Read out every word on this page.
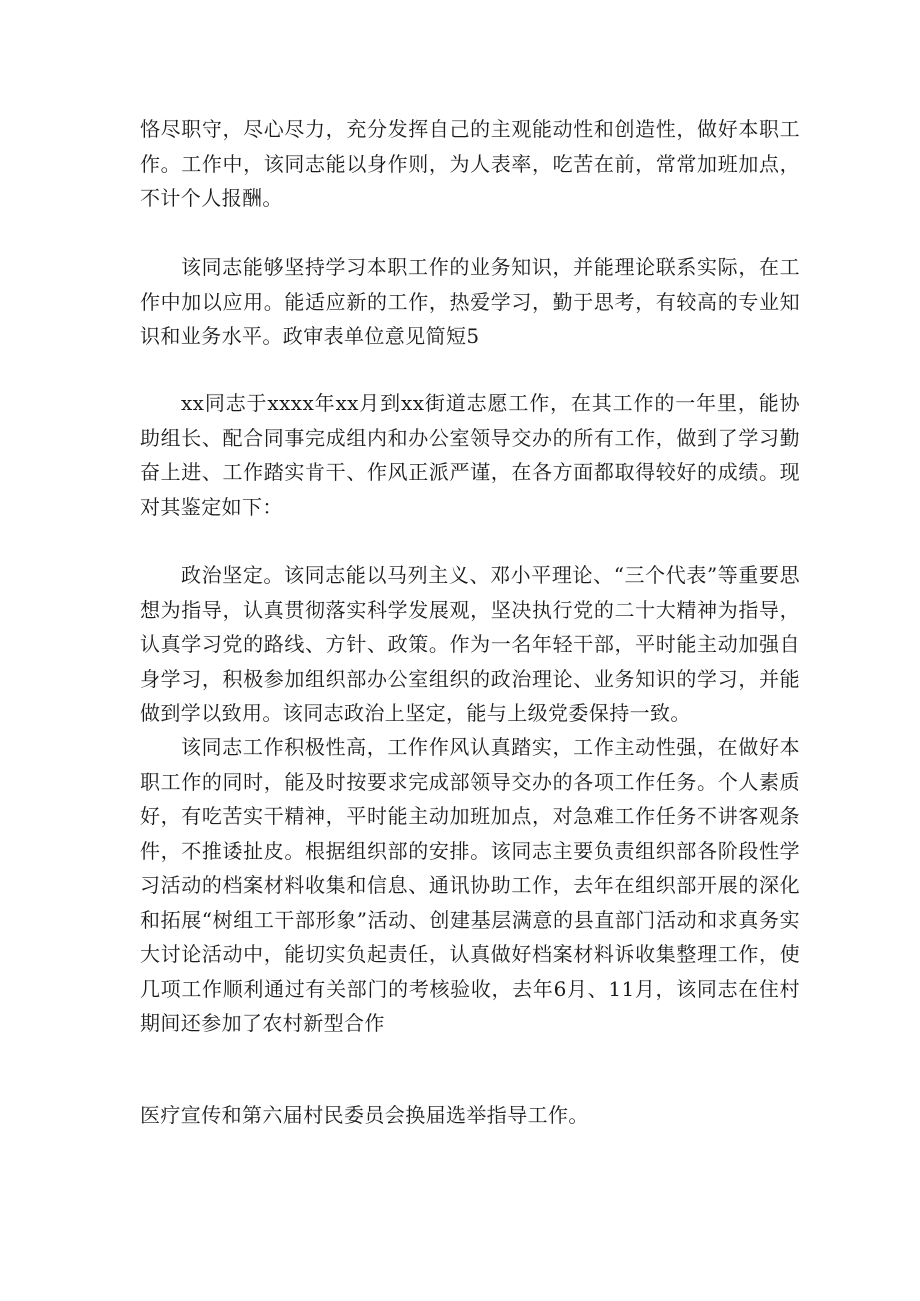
恪尽职守，尽心尽力，充分发挥自己的主观能动性和创造性，做好本职工作。工作中，该同志能以身作则，为人表率，吃苦在前，常常加班加点，不计个人报酬。

该同志能够坚持学习本职工作的业务知识，并能理论联系实际，在工作中加以应用。能适应新的工作，热爱学习，勤于思考，有较高的专业知识和业务水平。政审表单位意见简短5

xx同志于xxxx年xx月到xx街道志愿工作，在其工作的一年里，能协助组长、配合同事完成组内和办公室领导交办的所有工作，做到了学习勤奋上进、工作踏实肯干、作风正派严谨，在各方面都取得较好的成绩。现对其鉴定如下：

政治坚定。该同志能以马列主义、邓小平理论、“三个代表”等重要思想为指导，认真贯彻落实科学发展观，坚决执行党的二十大精神为指导，认真学习党的路线、方针、政策。作为一名年轻干部，平时能主动加强自身学习，积极参加组织部办公室组织的政治理论、业务知识的学习，并能做到学以致用。该同志政治上坚定，能与上级党委保持一致。

该同志工作积极性高，工作作风认真踏实，工作主动性强，在做好本职工作的同时，能及时按要求完成部领导交办的各项工作任务。个人素质好，有吃苦实干精神，平时能主动加班加点，对急难工作任务不讲客观条件，不推诿扯皮。根据组织部的安排。该同志主要负责组织部各阶段性学习活动的档案材料收集和信息、通讯协助工作，去年在组织部开展的深化和拓展“树组工干部形象”活动、创建基层满意的县直部门活动和求真务实大讨论活动中，能切实负起责任，认真做好档案材料诉收集整理工作，使几项工作顺利通过有关部门的考核验收，去年6月、11月，该同志在住村期间还参加了农村新型合作

医疗宣传和第六届村民委员会换届选举指导工作。
